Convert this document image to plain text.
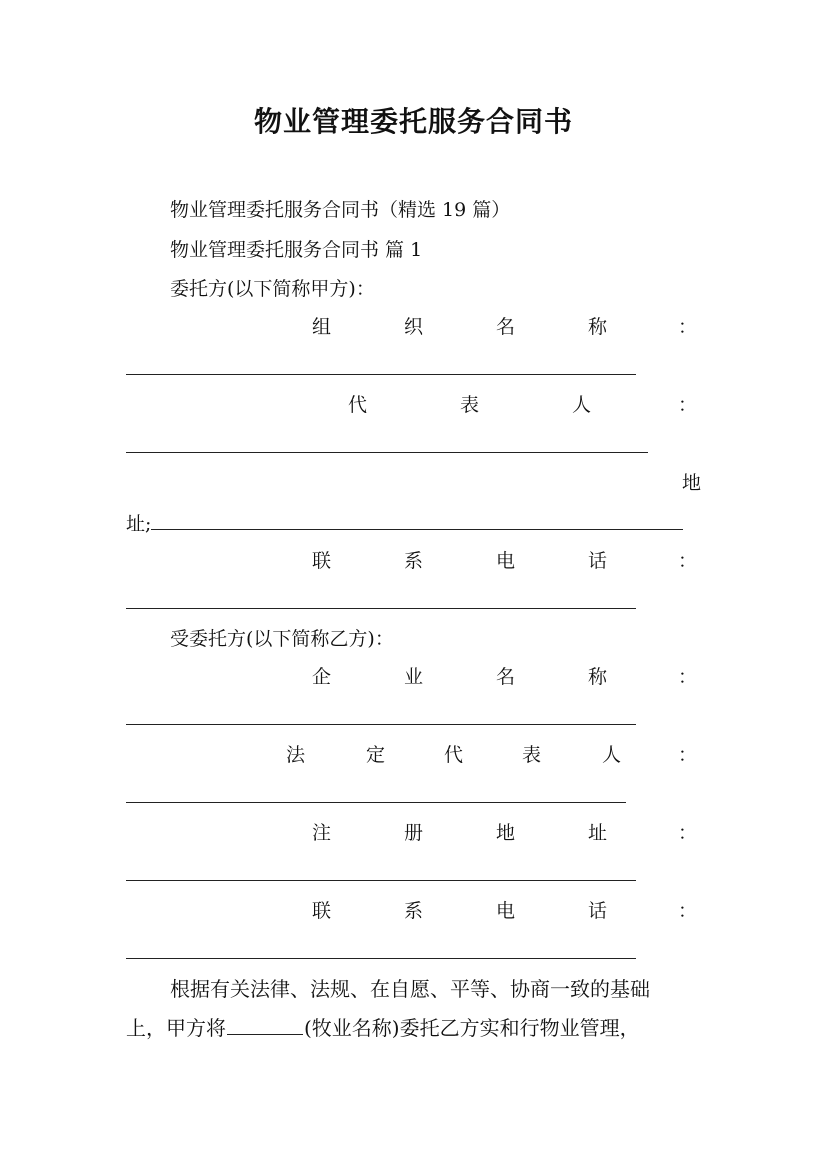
物业管理委托服务合同书
物业管理委托服务合同书（精选 19 篇）
物业管理委托服务合同书 篇 1
委托方(以下简称甲方)：
组	织	名	称	：
代	表	人	：
地
址;
联	系	电	话	：
受委托方(以下简称乙方)：
企	业	名	称	：
法	定	代	表	人	：
注	册	地	址	：
联	系	电	话	：
根据有关法律、法规、在自愿、平等、协商一致的基础
上，甲方将	(牧业名称)委托乙方实和行物业管理，
